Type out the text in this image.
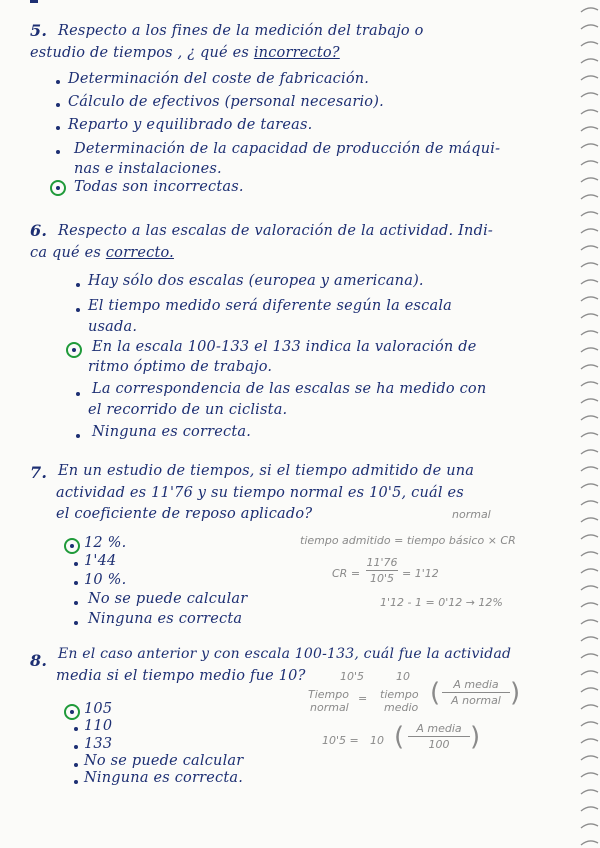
5. Respecto a los fines de la medición del trabajo o
estudio de tiempos , ¿ qué es incorrecto?
Determinación del coste de fabricación.
Cálculo de efectivos (personal necesario).
Reparto y equilibrado de tareas.
Determinación de la capacidad de producción de máqui-
nas e instalaciones.
Todas son incorrectas.
6. Respecto a las escalas de valoración de la actividad. Indi-
ca qué es correcto.
Hay sólo dos escalas (europea y americana).
El tiempo medido será diferente según la escala
usada.
En la escala 100-133 el 133 indica la valoración de
ritmo óptimo de trabajo.
La correspondencia de las escalas se ha medido con
el recorrido de un ciclista.
Ninguna es correcta.
7. En un estudio de tiempos, si el tiempo admitido de una
actividad es 11'76 y su tiempo normal es 10'5, cuál es
el coeficiente de reposo aplicado?
12 %.
1'44
10 %.
No se puede calcular
Ninguna es correcta
normal
tiempo admitido = tiempo básico × CR
CR =
11'76
10'5 = 1'12
1'12 - 1 = 0'12 → 12%
8. En el caso anterior y con escala 100-133, cuál fue la actividad
media si el tiempo medio fue 10?
105
110
133
No se puede calcular
Ninguna es correcta.
10'5	10
Tiempo
normal
= tiempo
medio (	A media
A normal )
10'5 = 10 (	A media
100 )
